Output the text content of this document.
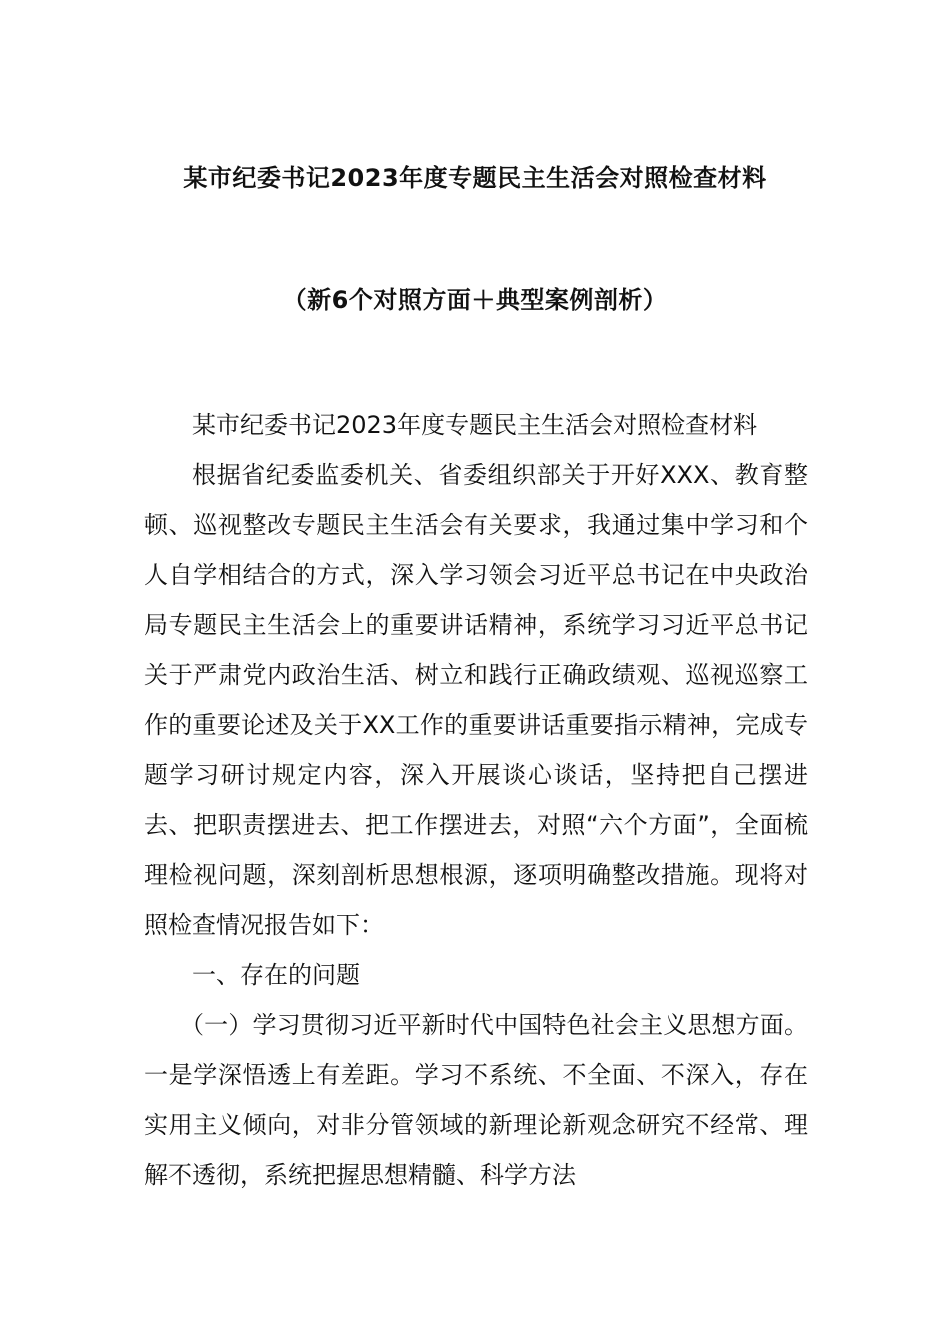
某市纪委书记2023年度专题民主生活会对照检查材料
（新6个对照方面＋典型案例剖析）

某市纪委书记2023年度专题民主生活会对照检查材料

根据省纪委监委机关、省委组织部关于开好XXX、教育整顿、巡视整改专题民主生活会有关要求，我通过集中学习和个人自学相结合的方式，深入学习领会习近平总书记在中央政治局专题民主生活会上的重要讲话精神，系统学习习近平总书记关于严肃党内政治生活、树立和践行正确政绩观、巡视巡察工作的重要论述及关于XX工作的重要讲话重要指示精神，完成专题学习研讨规定内容，深入开展谈心谈话，坚持把自己摆进去、把职责摆进去、把工作摆进去，对照“六个方面”，全面梳理检视问题，深刻剖析思想根源，逐项明确整改措施。现将对照检查情况报告如下：

一、存在的问题

（一）学习贯彻习近平新时代中国特色社会主义思想方面。一是学深悟透上有差距。学习不系统、不全面、不深入，存在实用主义倾向，对非分管领域的新理论新观念研究不经常、理解不透彻，系统把握思想精髓、科学方法
